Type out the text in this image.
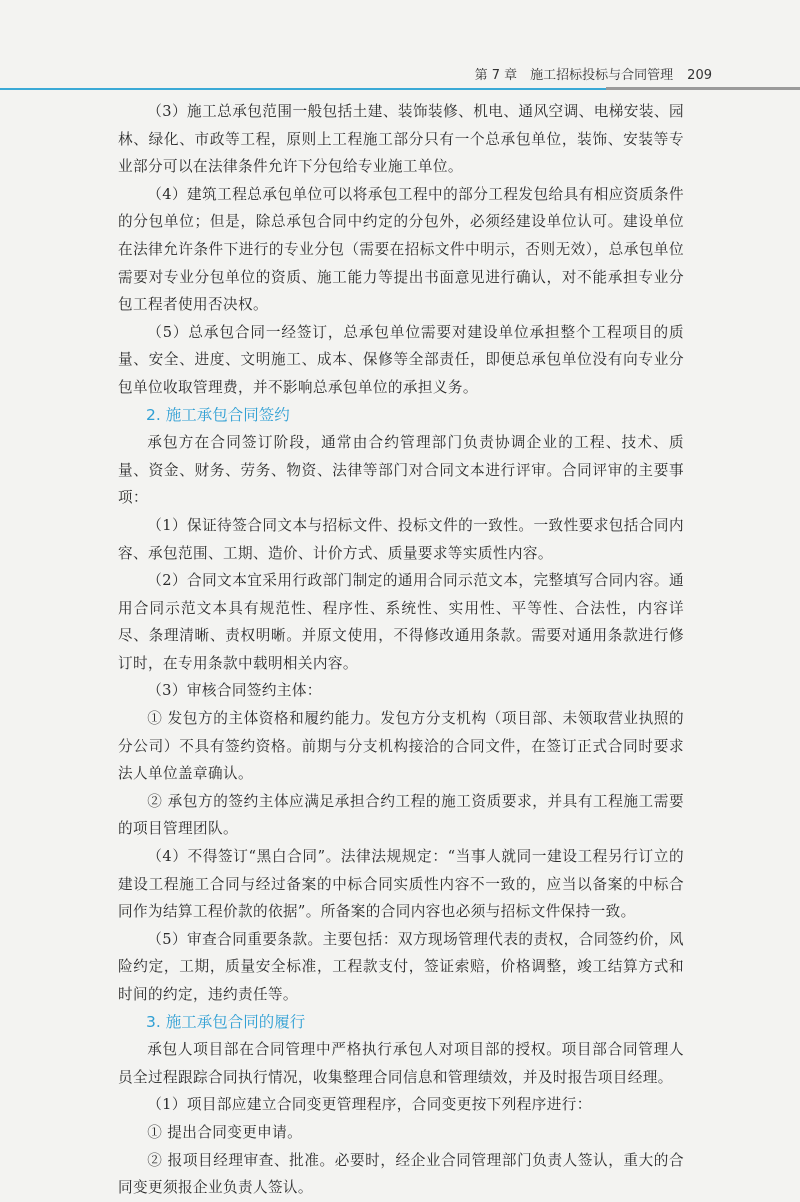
第 7 章　施工招标投标与合同管理 209

（3）施工总承包范围一般包括土建、装饰装修、机电、通风空调、电梯安装、园林、绿化、市政等工程，原则上工程施工部分只有一个总承包单位，装饰、安装等专业部分可以在法律条件允许下分包给专业施工单位。

（4）建筑工程总承包单位可以将承包工程中的部分工程发包给具有相应资质条件的分包单位；但是，除总承包合同中约定的分包外，必须经建设单位认可。建设单位在法律允许条件下进行的专业分包（需要在招标文件中明示，否则无效），总承包单位需要对专业分包单位的资质、施工能力等提出书面意见进行确认，对不能承担专业分包工程者使用否决权。

（5）总承包合同一经签订，总承包单位需要对建设单位承担整个工程项目的质量、安全、进度、文明施工、成本、保修等全部责任，即便总承包单位没有向专业分包单位收取管理费，并不影响总承包单位的承担义务。

2. 施工承包合同签约

承包方在合同签订阶段，通常由合约管理部门负责协调企业的工程、技术、质量、资金、财务、劳务、物资、法律等部门对合同文本进行评审。合同评审的主要事项：

（1）保证待签合同文本与招标文件、投标文件的一致性。一致性要求包括合同内容、承包范围、工期、造价、计价方式、质量要求等实质性内容。

（2）合同文本宜采用行政部门制定的通用合同示范文本，完整填写合同内容。通用合同示范文本具有规范性、程序性、系统性、实用性、平等性、合法性，内容详尽、条理清晰、责权明晰。并原文使用，不得修改通用条款。需要对通用条款进行修订时，在专用条款中载明相关内容。

（3）审核合同签约主体：

① 发包方的主体资格和履约能力。发包方分支机构（项目部、未领取营业执照的分公司）不具有签约资格。前期与分支机构接洽的合同文件，在签订正式合同时要求法人单位盖章确认。

② 承包方的签约主体应满足承担合约工程的施工资质要求，并具有工程施工需要的项目管理团队。

（4）不得签订“黑白合同”。法律法规规定：“当事人就同一建设工程另行订立的建设工程施工合同与经过备案的中标合同实质性内容不一致的，应当以备案的中标合同作为结算工程价款的依据”。所备案的合同内容也必须与招标文件保持一致。

（5）审查合同重要条款。主要包括：双方现场管理代表的责权，合同签约价，风险约定，工期，质量安全标准，工程款支付，签证索赔，价格调整，竣工结算方式和时间的约定，违约责任等。

3. 施工承包合同的履行

承包人项目部在合同管理中严格执行承包人对项目部的授权。项目部合同管理人员全过程跟踪合同执行情况，收集整理合同信息和管理绩效，并及时报告项目经理。

（1）项目部应建立合同变更管理程序，合同变更按下列程序进行：

① 提出合同变更申请。

② 报项目经理审查、批准。必要时，经企业合同管理部门负责人签认，重大的合同变更须报企业负责人签认。
